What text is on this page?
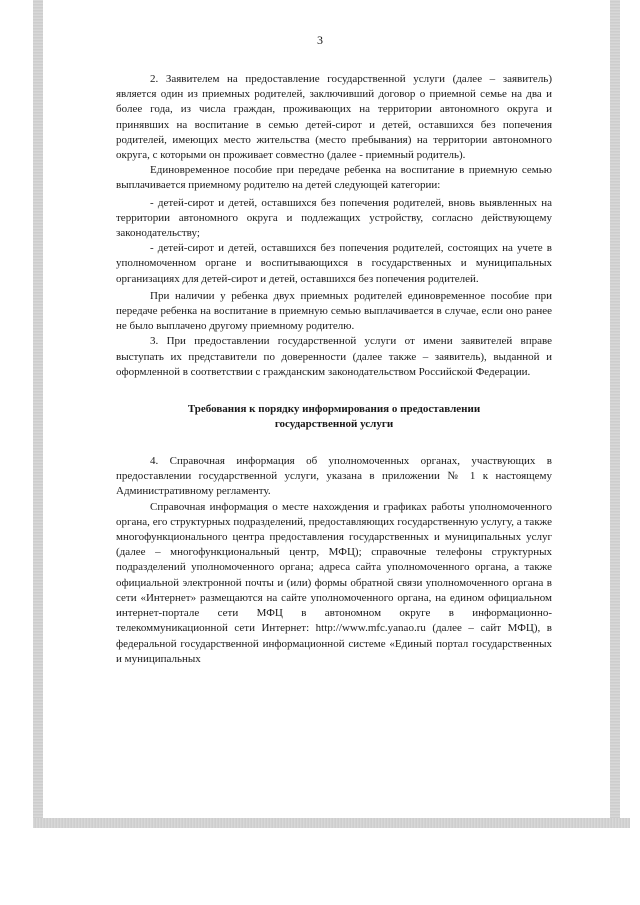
3

2. Заявителем на предоставление государственной услуги (далее – заявитель) является один из приемных родителей, заключивший договор о приемной семье на два и более года, из числа граждан, проживающих на территории автономного округа и принявших на воспитание в семью детей-сирот и детей, оставшихся без попечения родителей, имеющих место жительства (место пребывания) на территории автономного округа, с которыми он проживает совместно (далее - приемный родитель).

Единовременное пособие при передаче ребенка на воспитание в приемную семью выплачивается приемному родителю на детей следующей категории:

- детей-сирот и детей, оставшихся без попечения родителей, вновь выявленных на территории автономного округа и подлежащих устройству, согласно действующему законодательству;

- детей-сирот и детей, оставшихся без попечения родителей, состоящих на учете в уполномоченном органе и воспитывающихся в государственных и муниципальных организациях для детей-сирот и детей, оставшихся без попечения родителей.

При наличии у ребенка двух приемных родителей единовременное пособие при передаче ребенка на воспитание в приемную семью выплачивается в случае, если оно ранее не было выплачено другому приемному родителю.

3. При предоставлении государственной услуги от имени заявителей вправе выступать их представители по доверенности (далее также – заявитель), выданной и оформленной в соответствии с гражданским законодательством Российской Федерации.

Требования к порядку информирования о предоставлении государственной услуги

4. Справочная информация об уполномоченных органах, участвующих в предоставлении государственной услуги, указана в приложении № 1 к настоящему Административному регламенту.

Справочная информация о месте нахождения и графиках работы уполномоченного органа, его структурных подразделений, предоставляющих государственную услугу, а также многофункционального центра предоставления государственных и муниципальных услуг (далее – многофункциональный центр, МФЦ); справочные телефоны структурных подразделений уполномоченного органа; адреса сайта уполномоченного органа, а также официальной электронной почты и (или) формы обратной связи уполномоченного органа в сети «Интернет» размещаются на сайте уполномоченного органа, на едином официальном интернет-портале сети МФЦ в автономном округе в информационно-телекоммуникационной сети Интернет: http://www.mfc.yanao.ru (далее – сайт МФЦ), в федеральной государственной информационной системе «Единый портал государственных и муниципальных
